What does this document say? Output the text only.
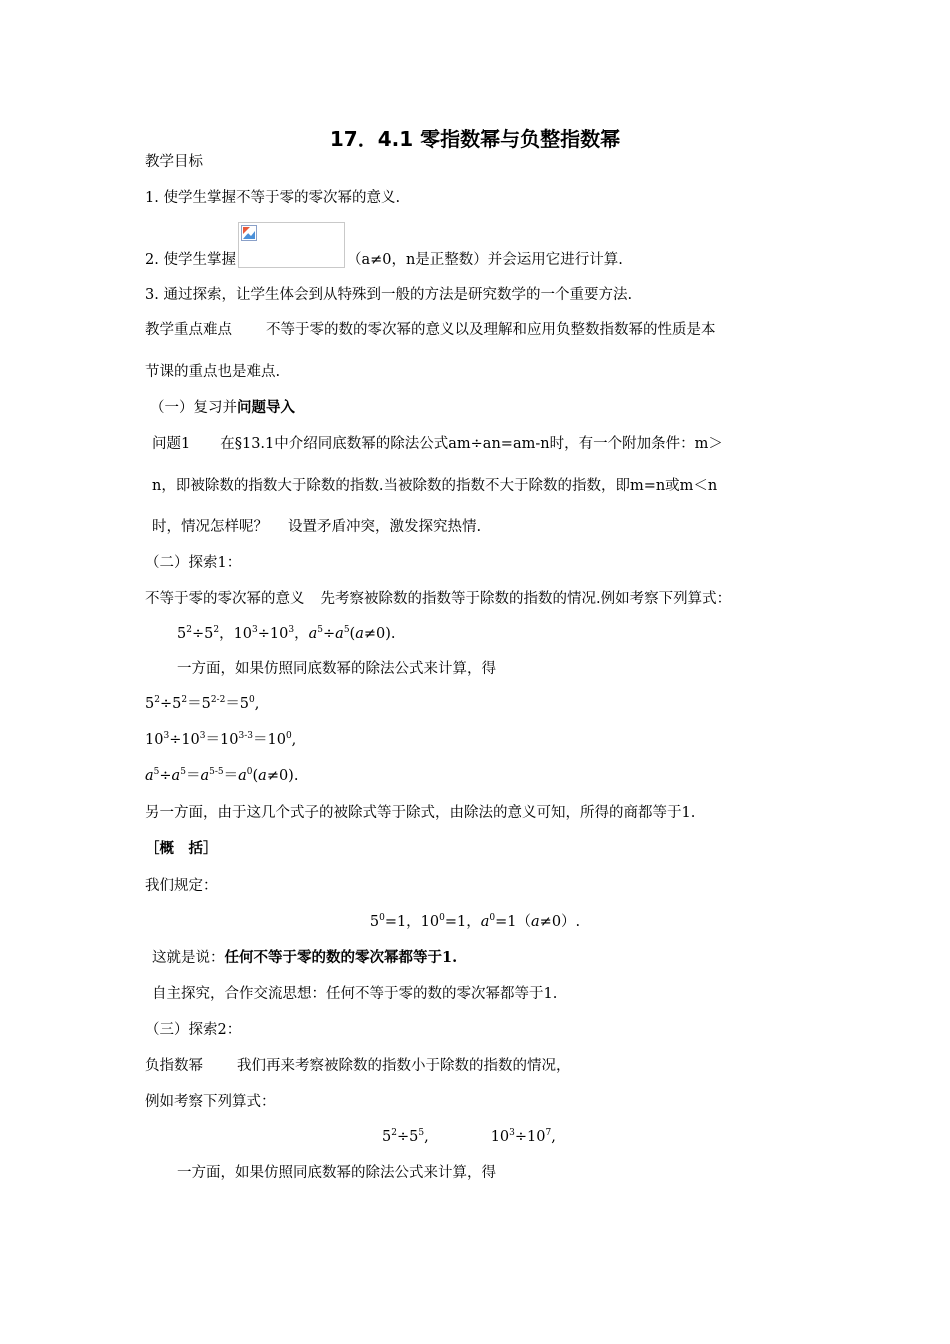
17．4.1 零指数幂与负整指数幂
教学目标
1. 使学生掌握不等于零的零次幂的意义.
2. 使学生掌握	（a≠0，n是正整数）并会运用它进行计算.
3. 通过探索，让学生体会到从特殊到一般的方法是研究数学的一个重要方法.
教学重点难点 不等于零的数的零次幂的意义以及理解和应用负整数指数幂的性质是本
节课的重点也是难点.
（一）复习并问题导入
问题1 在§13.1中介绍同底数幂的除法公式am÷an=am-n时，有一个附加条件：m＞
n，即被除数的指数大于除数的指数.当被除数的指数不大于除数的指数，即m=n或m＜n
时，情况怎样呢？ 设置矛盾冲突，激发探究热情.
（二）探索1：
不等于零的零次幂的意义 先考察被除数的指数等于除数的指数的情况.例如考察下列算式：
$5^2\div 5^2$，$10^3\div 10^3$，$a^5\div a^5(a\ne 0)$.
一方面，如果仿照同底数幂的除法公式来计算，得
$5^2\div 5^2=5^{2-2}=5^0$,
$10^3\div 10^3=10^{3-3}=10^0$,
$a^5\div a^5=a^{5-5}=a^0(a\ne 0)$.
另一方面，由于这几个式子的被除式等于除式，由除法的意义可知，所得的商都等于1.
［概　括］
我们规定：
$5^0=1$，$10^0=1$，$a^0=1(a\ne 0)$.
这就是说：任何不等于零的数的零次幂都等于1.
自主探究，合作交流思想：任何不等于零的数的零次幂都等于1.
（三）探索2：
负指数幂 我们再来考察被除数的指数小于除数的指数的情况，
例如考察下列算式：
$5^2\div 5^5$,	$10^3\div 10^7$,
一方面，如果仿照同底数幂的除法公式来计算，得
